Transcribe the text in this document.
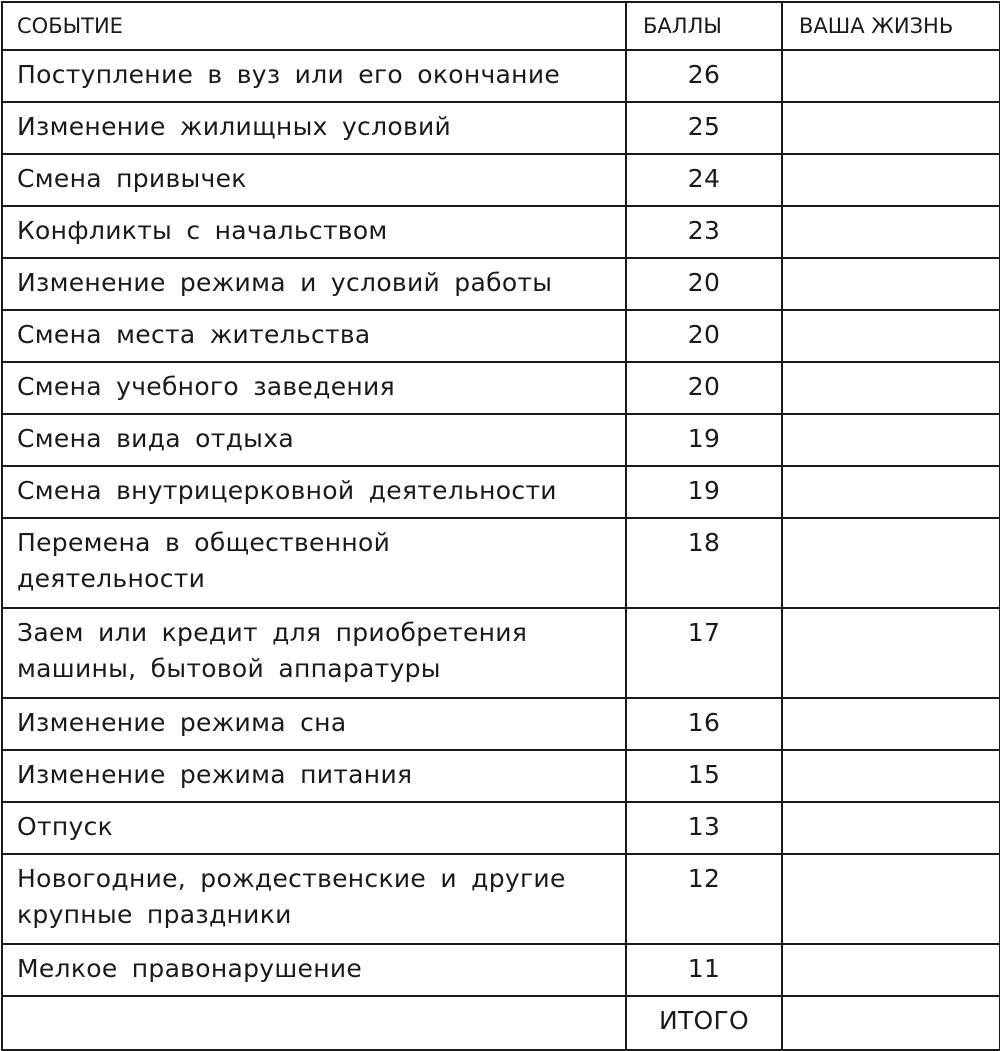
СОБЫТИЕ	БАЛЛЫ	ВАША ЖИЗНЬ
Поступление в вуз или его окончание	26	
Изменение жилищных условий	25	
Смена привычек	24	
Конфликты с начальством	23	
Изменение режима и условий работы	20	
Смена места жительства	20	
Смена учебного заведения	20	
Смена вида отдыха	19	
Смена внутрицерковной деятельности	19	
Перемена в общественной
деятельности	18	
Заем или кредит для приобретения
машины, бытовой аппаратуры	17	
Изменение режима сна	16	
Изменение режима питания	15	
Отпуск	13	
Новогодние, рождественские и другие
крупные праздники	12	
Мелкое правонарушение	11	
	ИТОГО	
